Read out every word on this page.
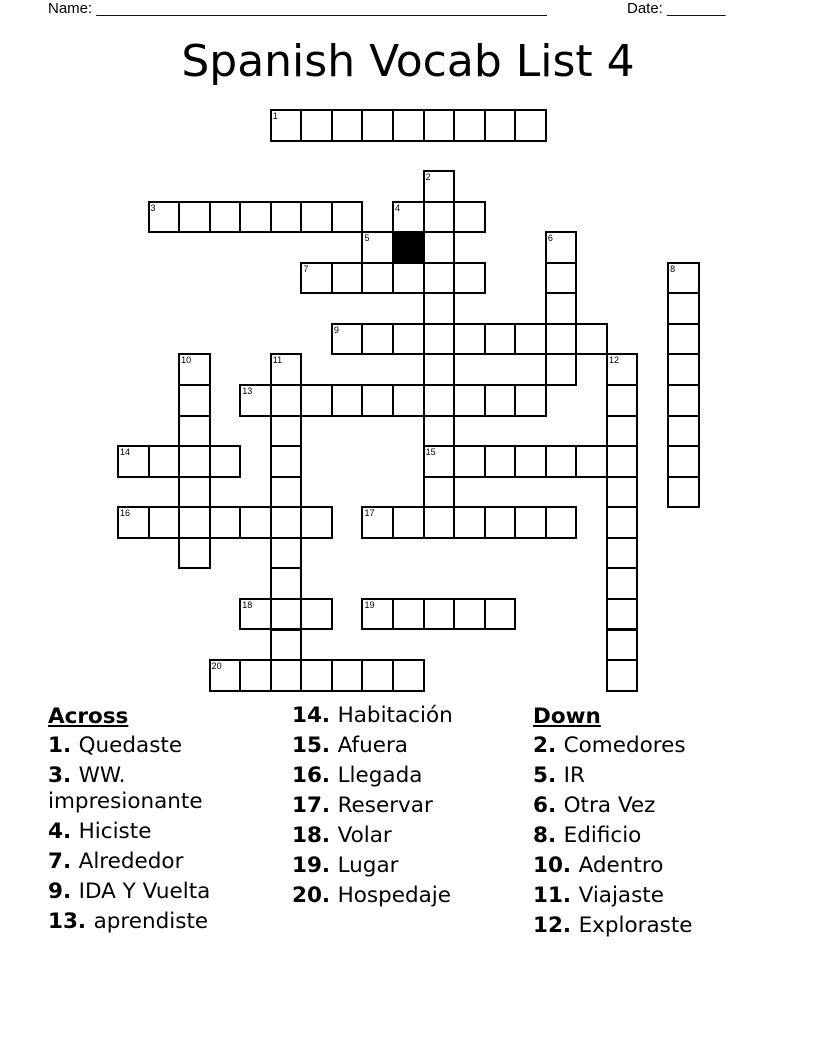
Name: ______________________________________________________	Date: _______
Spanish Vocab List 4
1
3	4
7
9
13
14	15
16	17
18	19
20
2
5	6
8
10	11	12
Across
1. Quedaste
3. WW. impresionante
4. Hiciste
7. Alrededor
9. IDA Y Vuelta
13. aprendiste
14. Habitación
15. Afuera
16. Llegada
17. Reservar
18. Volar
19. Lugar
20. Hospedaje
Down
2. Comedores
5. IR
6. Otra Vez
8. Edificio
10. Adentro
11. Viajaste
12. Exploraste
